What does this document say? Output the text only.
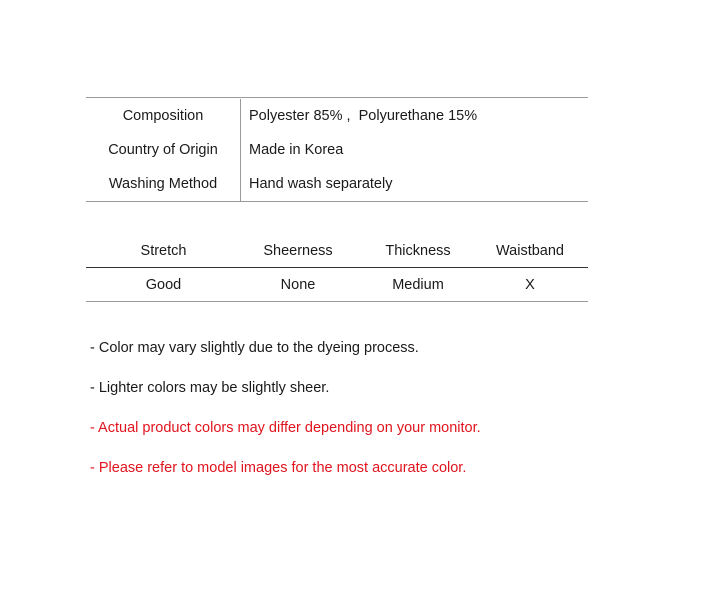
Composition	Polyester 85% ,  Polyurethane 15%
Country of Origin	Made in Korea
Washing Method	Hand wash separately
Stretch	Sheerness	Thickness	Waistband
Good	None	Medium	X
- Color may vary slightly due to the dyeing process.
- Lighter colors may be slightly sheer.
- Actual product colors may differ depending on your monitor.
- Please refer to model images for the most accurate color.
